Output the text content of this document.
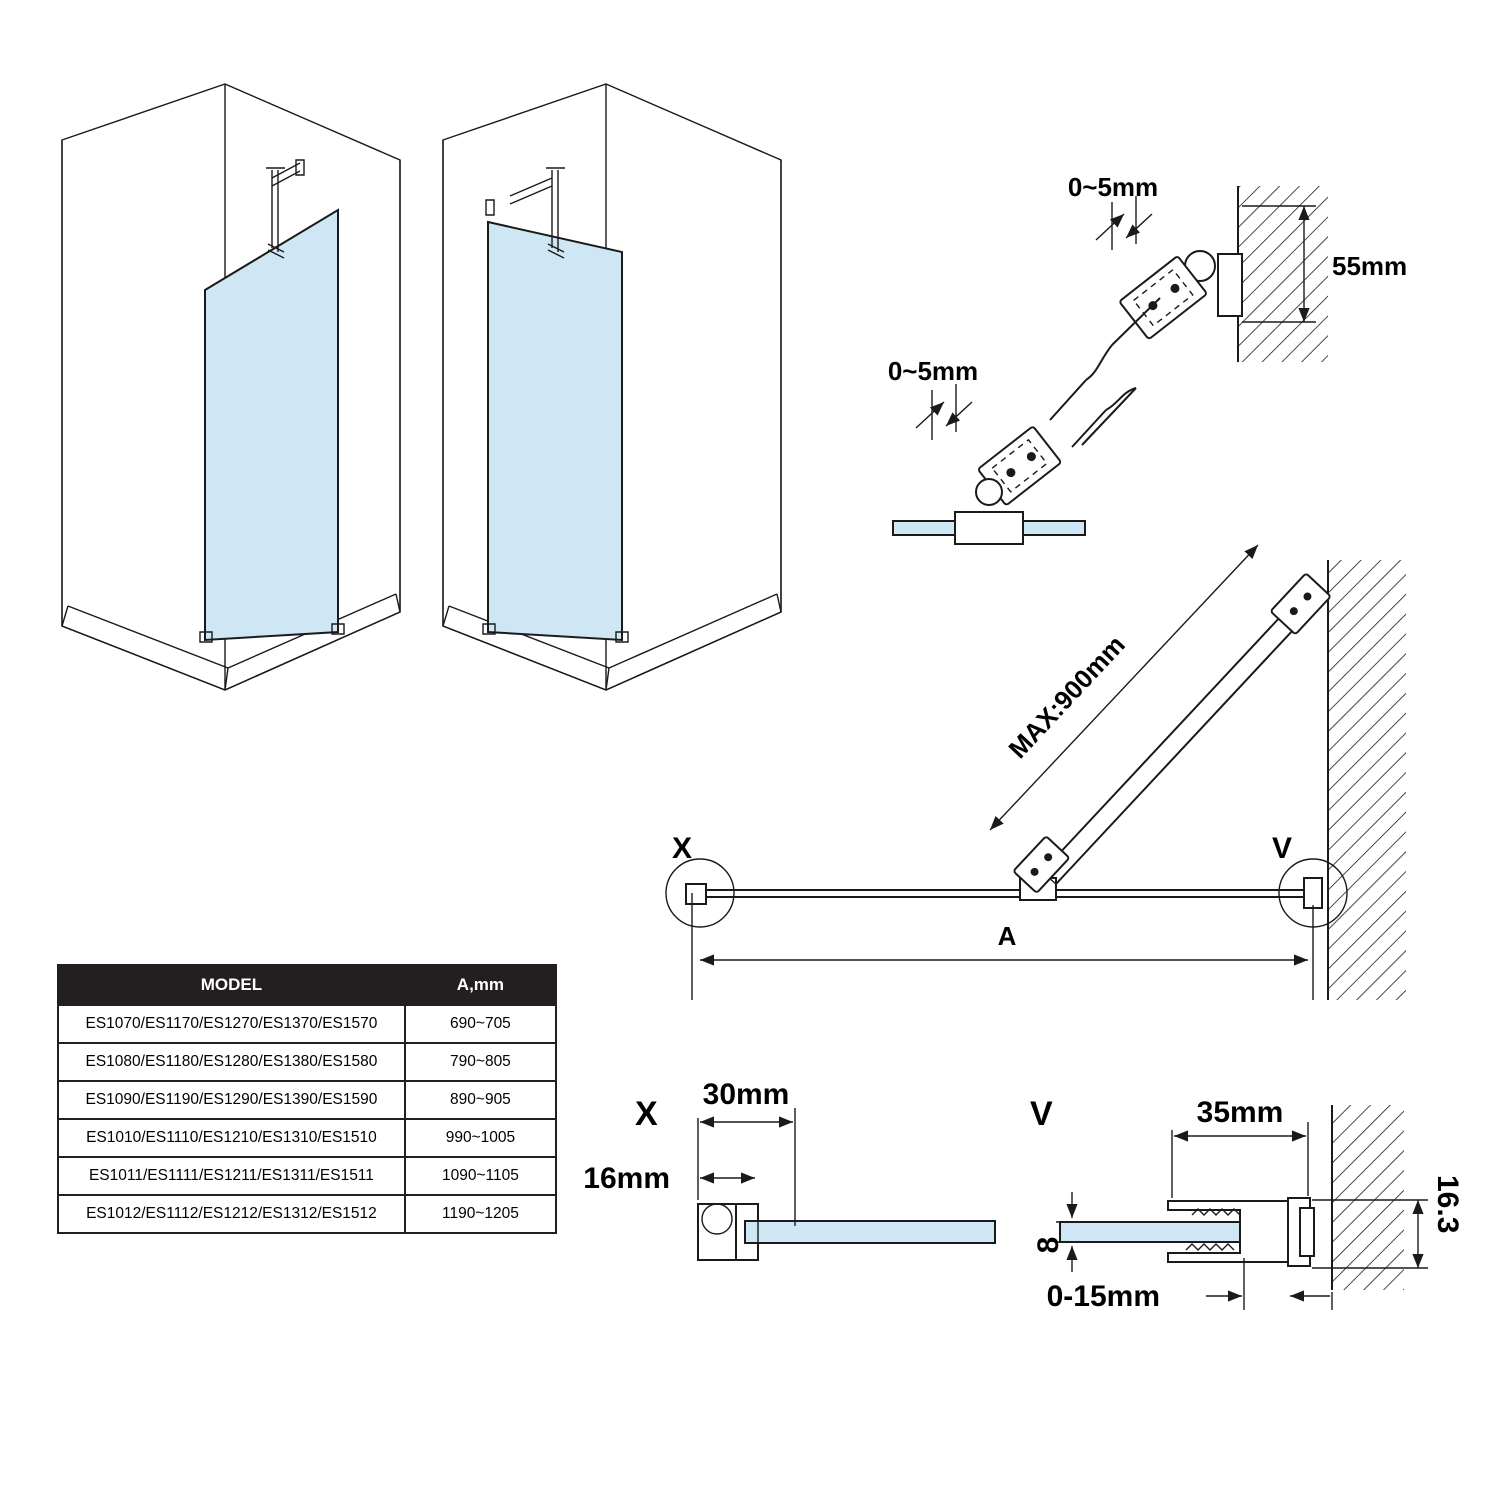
0~5mm
0~5mm
55mm
MAX:900mm
X	V
A
X
30mm
16mm
V	35mm
8
16.3
0-15mm
MODEL	A,mm
ES1070/ES1170/ES1270/ES1370/ES1570	690~705
ES1080/ES1180/ES1280/ES1380/ES1580	790~805
ES1090/ES1190/ES1290/ES1390/ES1590	890~905
ES1010/ES1110/ES1210/ES1310/ES1510	990~1005
ES1011/ES1111/ES1211/ES1311/ES1511	1090~1105
ES1012/ES1112/ES1212/ES1312/ES1512	1190~1205
